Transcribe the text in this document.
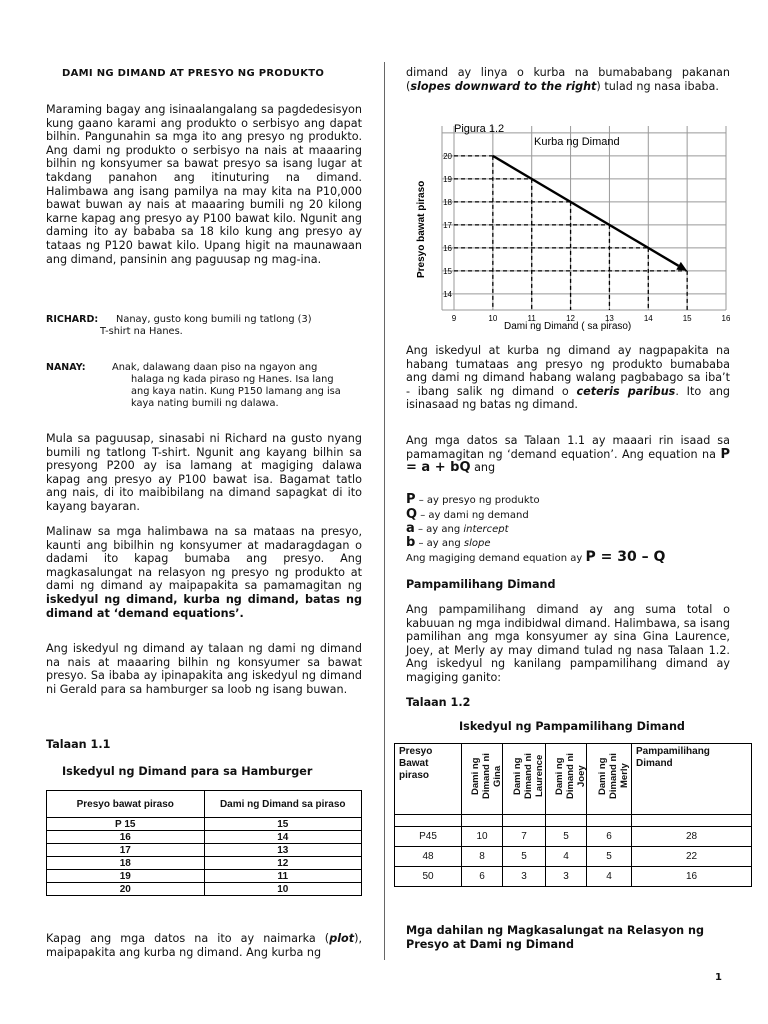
DAMI NG DIMAND AT PRESYO NG PRODUKTO

Maraming bagay ang isinaalangalang sa pagdedesisyon kung gaano karami ang produkto o serbisyo ang dapat bilhin. Pangunahin sa mga ito ang presyo ng produkto. Ang dami ng produkto o serbisyo na nais at maaaring bilhin ng konsyumer sa bawat presyo sa isang lugar at takdang panahon ang itinuturing na dimand. Halimbawa ang isang pamilya na may kita na P10,000 bawat buwan ay nais at maaaring bumili ng 20 kilong karne kapag ang presyo ay P100 bawat kilo. Ngunit ang daming ito ay bababa sa 18 kilo kung ang presyo ay tataas ng P120 bawat kilo. Upang higit na maunawaan ang dimand, pansinin ang paguusap ng mag-ina.

RICHARD: Nanay, gusto kong bumili ng tatlong (3)
T-shirt na Hanes.
NANAY:	Anak, dalawang daan piso na ngayon ang
halaga ng kada piraso ng Hanes. Isa lang
ang kaya natin. Kung P150 lamang ang isa
kaya nating bumili ng dalawa.

Mula sa paguusap, sinasabi ni Richard na gusto nyang bumili ng tatlong T-shirt. Ngunit ang kayang bilhin sa presyong P200 ay isa lamang at magiging dalawa kapag ang presyo ay P100 bawat isa. Bagamat tatlo ang nais, di ito maibibilang na dimand sapagkat di ito kayang bayaran.

Malinaw sa mga halimbawa na sa mataas na presyo, kaunti ang bibilhin ng konsyumer at madaragdagan o dadami ito kapag bumaba ang presyo. Ang magkasalungat na relasyon ng presyo ng produkto at dami ng dimand ay maipapakita sa pamamagitan ng iskedyul ng dimand, kurba ng dimand, batas ng dimand at ‘demand equations’.

Ang iskedyul ng dimand ay talaan ng dami ng dimand na nais at maaaring bilhin ng konsyumer sa bawat presyo. Sa ibaba ay ipinapakita ang iskedyul ng dimand ni Gerald para sa hamburger sa loob ng isang buwan.

Talaan 1.1
Iskedyul ng Dimand para sa Hamburger
Presyo bawat piraso	Dami ng Dimand sa piraso
P 15	15
16	14
17	13
18	12
19	11
20	10

Kapag ang mga datos na ito ay naimarka (plot), maipapakita ang kurba ng dimand. Ang kurba ng

dimand ay linya o kurba na bumababang pakanan (slopes downward to the right) tulad ng nasa ibaba.

9	10	11	12	13	14	15	16
14
15
16
17
18
19
20
Pigura 1.2
Kurba ng Dimand
Dami ng Dimand ( sa piraso)
Presyo bawat piraso

Ang iskedyul at kurba ng dimand ay nagpapakita na habang tumataas ang presyo ng produkto bumababa ang dami ng dimand habang walang pagbabago sa iba’t - ibang salik ng dimand o ceteris paribus. Ito ang isinasaad ng batas ng dimand.

Ang mga datos sa Talaan 1.1 ay maaari rin isaad sa pamamagitan ng ‘demand equation’. Ang equation na P = a + bQ ang

P – ay presyo ng produkto
Q – ay dami ng demand
a – ay ang intercept
b – ay ang slope
Ang magiging demand equation ay P = 30 – Q
Pampamilihang Dimand

Ang pampamilihang dimand ay ang suma total o kabuuan ng mga indibidwal dimand. Halimbawa, sa isang pamilihan ang mga konsyumer ay sina Gina Laurence, Joey, at Merly ay may dimand tulad ng nasa Talaan 1.2. Ang iskedyul ng kanilang pampamilihang dimand ay magiging ganito:

Talaan 1.2
Iskedyul ng Pampamilihang Dimand
Presyo Bawat piraso	Dami ng Dimand ni Gina	Dami ng Dimand ni Laurence	Dami ng Dimand ni Joey	Dami ng Dimand ni Merly	Pampamilihang Dimand

P45	10	7	5	6	28
48	8	5	4	5	22
50	6	3	3	4	16
Mga dahilan ng Magkasalungat na Relasyon ng Presyo at Dami ng Dimand
1
